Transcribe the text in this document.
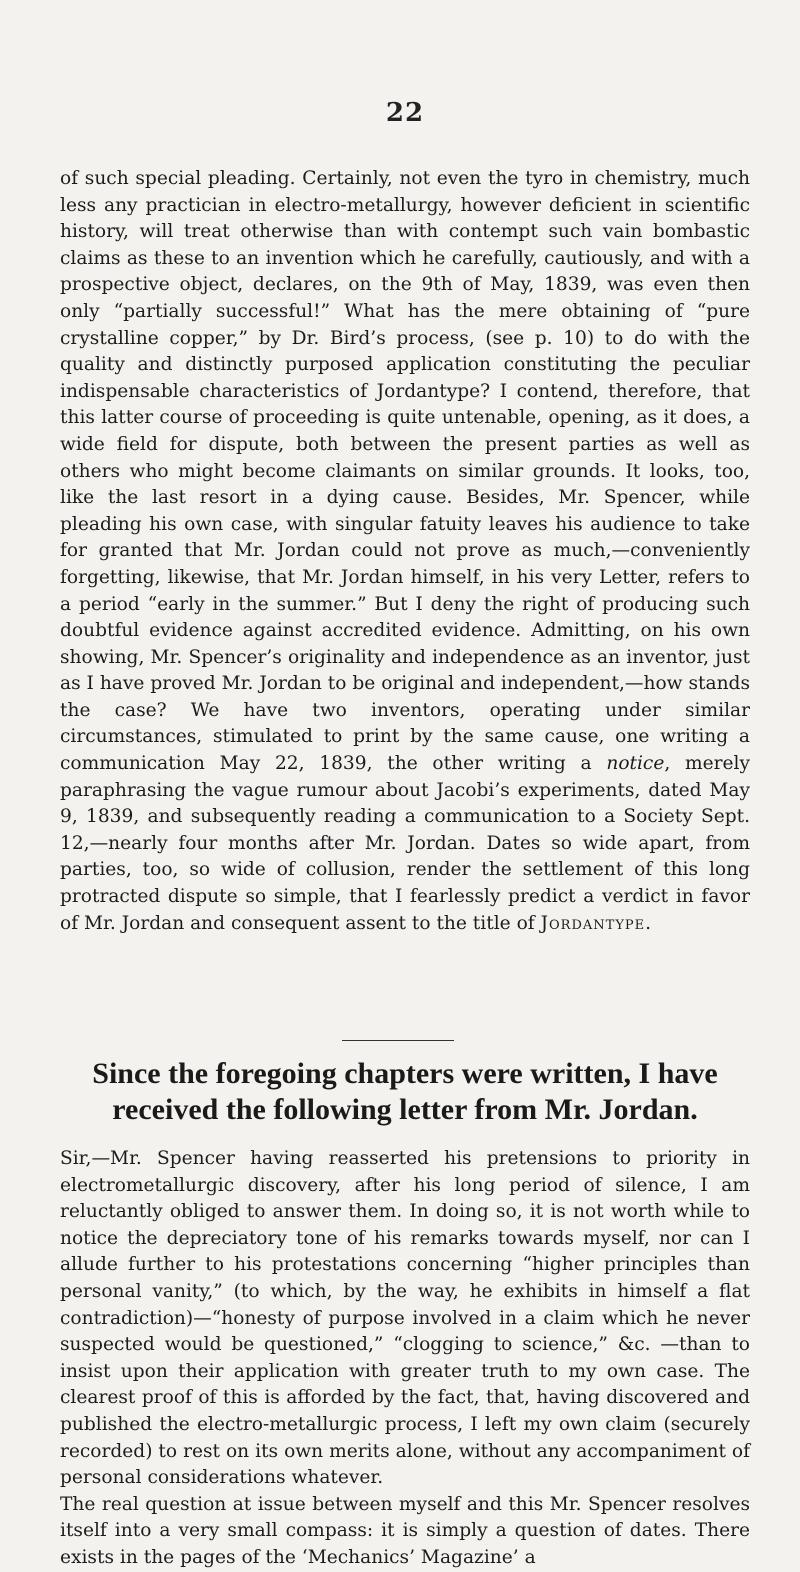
22

of such special pleading. Certainly, not even the tyro in chemistry, much less any practician in electro-metallurgy, however deficient in scientific history, will treat otherwise than with contempt such vain bombastic claims as these to an invention which he carefully, cautiously, and with a prospective object, declares, on the 9th of May, 1839, was even then only “partially successful!” What has the mere obtaining of “pure crystalline copper,” by Dr. Bird’s process, (see p. 10) to do with the quality and distinctly purposed application constituting the peculiar indispensable characteristics of Jordantype? I contend, therefore, that this latter course of proceeding is quite untenable, opening, as it does, a wide field for dispute, both between the present parties as well as others who might become claimants on similar grounds. It looks, too, like the last resort in a dying cause. Besides, Mr. Spencer, while pleading his own case, with singular fatuity leaves his audience to take for granted that Mr. Jordan could not prove as much,—conveniently forgetting, likewise, that Mr. Jordan himself, in his very Letter, refers to a period “early in the summer.” But I deny the right of producing such doubtful evidence against accredited evidence. Admitting, on his own showing, Mr. Spencer’s originality and independence as an inventor, just as I have proved Mr. Jordan to be original and independent,—how stands the case? We have two inventors, operating under similar circumstances, stimulated to print by the same cause, one writing a communication May 22, 1839, the other writing a notice, merely paraphrasing the vague rumour about Jacobi’s experiments, dated May 9, 1839, and subsequently reading a communication to a Society Sept. 12,—nearly four months after Mr. Jordan. Dates so wide apart, from parties, too, so wide of collusion, render the settlement of this long protracted dispute so simple, that I fearlessly predict a verdict in favor of Mr. Jordan and consequent assent to the title of Jordantype.

Since the foregoing chapters were written, I have received the following letter from Mr. Jordan.
Sir,—Mr. Spencer having reasserted his pretensions to priority in electrometallurgic discovery, after his long period of silence, I am reluctantly obliged to answer them. In doing so, it is not worth while to notice the depreciatory tone of his remarks towards myself, nor can I allude further to his protestations concerning “higher principles than personal vanity,” (to which, by the way, he exhibits in himself a flat contradiction)—“honesty of purpose involved in a claim which he never suspected would be questioned,” “clogging to science,” &c. —than to insist upon their application with greater truth to my own case. The clearest proof of this is afforded by the fact, that, having discovered and published the electro-metallurgic process, I left my own claim (securely recorded) to rest on its own merits alone, without any accompaniment of personal considerations whatever.
The real question at issue between myself and this Mr. Spencer resolves itself into a very small compass: it is simply a question of dates. There exists in the pages of the ‘Mechanics’ Magazine’ a
